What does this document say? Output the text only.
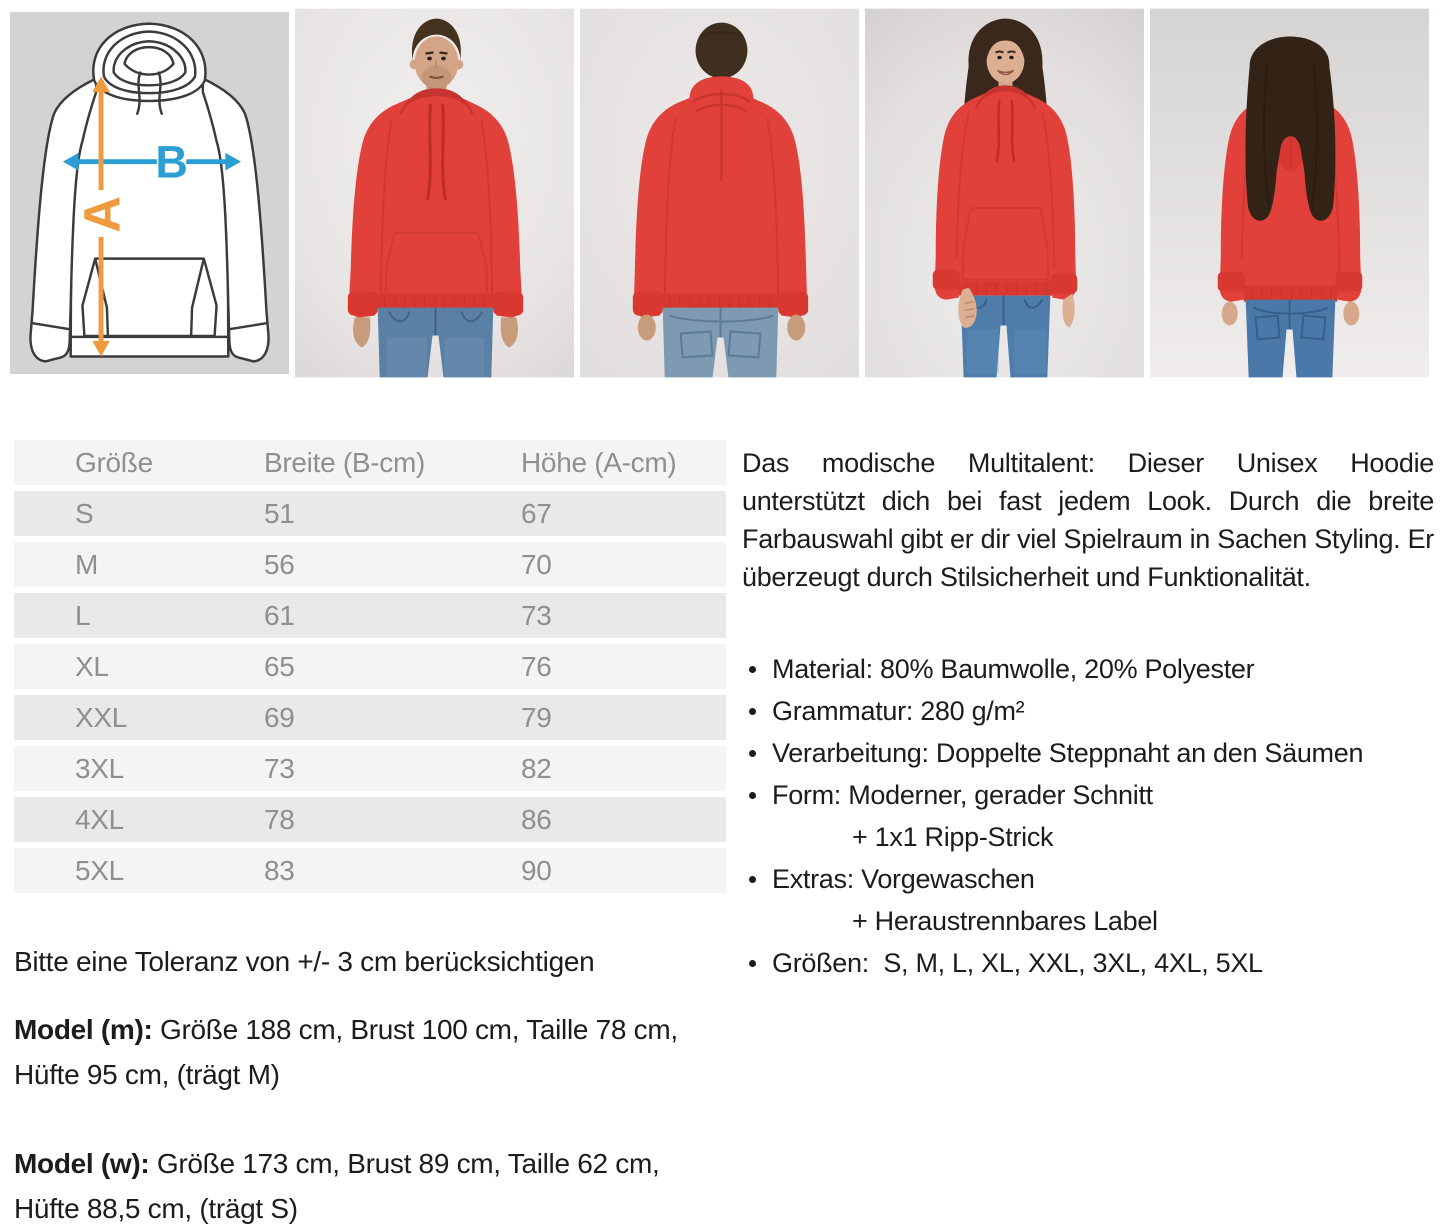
B
A
Größe	Breite (B-cm)	Höhe (A-cm)
S	51	67
M	56	70
L	61	73
XL	65	76
XXL	69	79
3XL	73	82
4XL	78	86
5XL	83	90

Bitte eine Toleranz von +/- 3 cm berücksichtigen

Model (m): Größe 188 cm, Brust 100 cm, Taille 78 cm,
Hüfte 95 cm, (trägt M)

Model (w): Größe 173 cm, Brust 89 cm, Taille 62 cm,
Hüfte 88,5 cm, (trägt S)

Das modische Multitalent: Dieser Unisex Hoodie unterstützt dich bei fast jedem Look. Durch die breite Farbauswahl gibt er dir viel Spielraum in Sachen Styling. Er überzeugt durch Stilsicherheit und Funktionalität.

Material: 80% Baumwolle, 20% Polyester
Grammatur: 280 g/m²
Verarbeitung: Doppelte Steppnaht an den Säumen
Form: Moderner, gerader Schnitt
+ 1x1 Ripp-Strick
Extras: Vorgewaschen
+ Heraustrennbares Label
Größen:  S, M, L, XL, XXL, 3XL, 4XL, 5XL
